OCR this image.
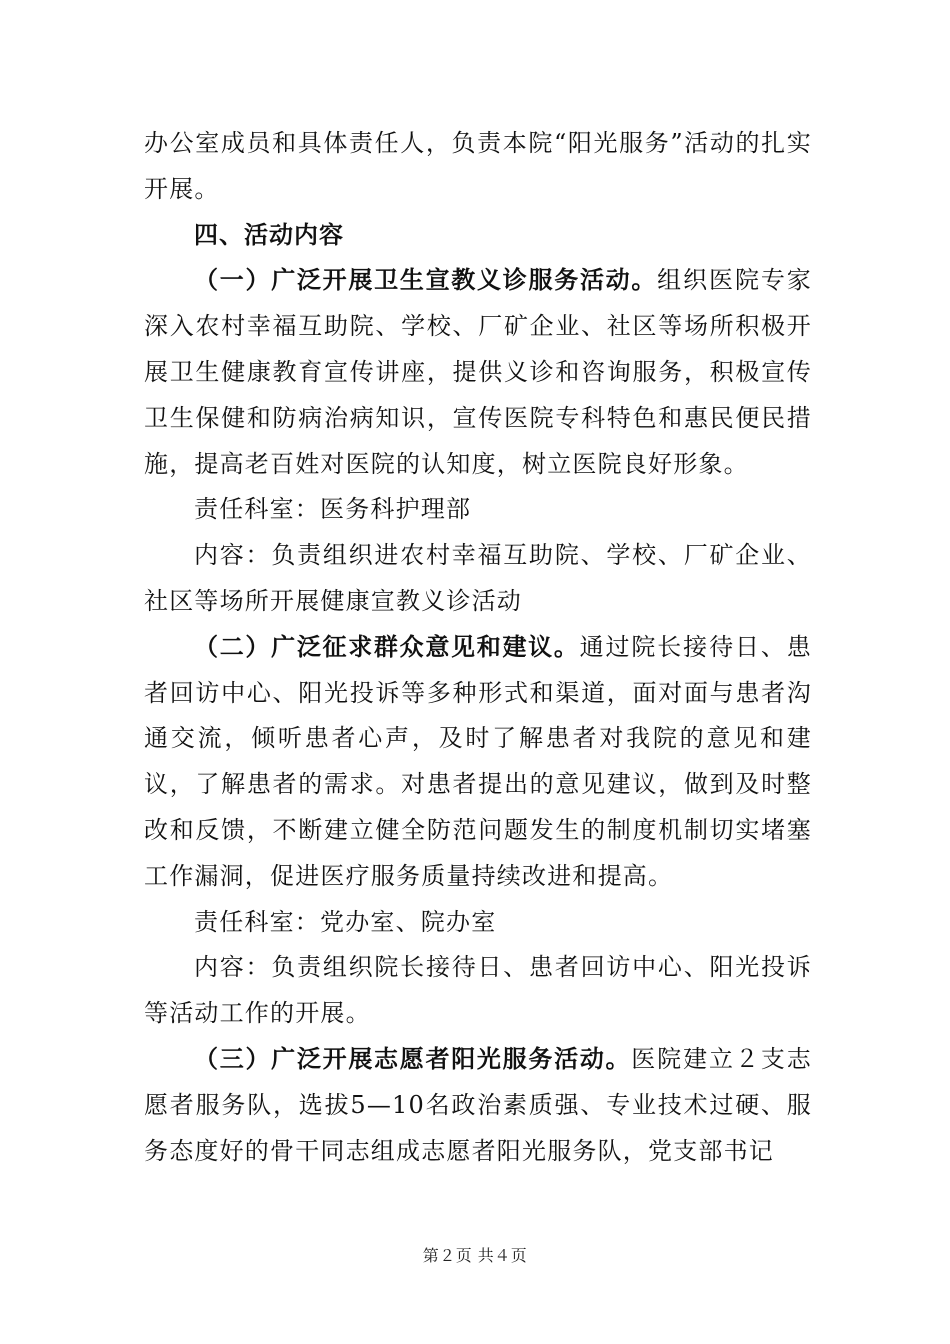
办公室成员和具体责任人，负责本院“阳光服务”活动的扎实开展。

四、活动内容

（一）广泛开展卫生宣教义诊服务活动。组织医院专家深入农村幸福互助院、学校、厂矿企业、社区等场所积极开展卫生健康教育宣传讲座，提供义诊和咨询服务，积极宣传卫生保健和防病治病知识，宣传医院专科特色和惠民便民措施，提高老百姓对医院的认知度，树立医院良好形象。

责任科室：医务科护理部

内容：负责组织进农村幸福互助院、学校、厂矿企业、社区等场所开展健康宣教义诊活动

（二）广泛征求群众意见和建议。通过院长接待日、患者回访中心、阳光投诉等多种形式和渠道，面对面与患者沟通交流，倾听患者心声，及时了解患者对我院的意见和建议，了解患者的需求。对患者提出的意见建议，做到及时整改和反馈，不断建立健全防范问题发生的制度机制切实堵塞工作漏洞，促进医疗服务质量持续改进和提高。

责任科室：党办室、院办室

内容：负责组织院长接待日、患者回访中心、阳光投诉等活动工作的开展。

（三）广泛开展志愿者阳光服务活动。医院建立２支志愿者服务队，选拔5—10名政治素质强、专业技术过硬、服务态度好的骨干同志组成志愿者阳光服务队，党支部书记

第２页 共４页
